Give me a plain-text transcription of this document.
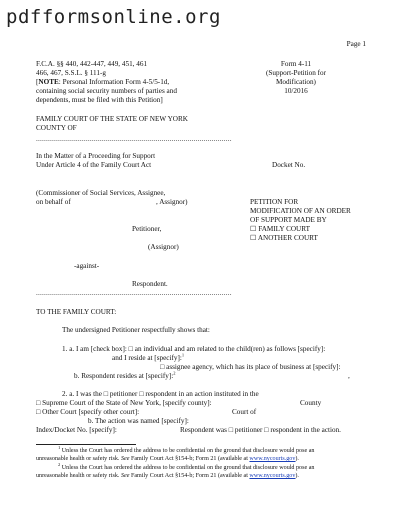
pdfformsonline.org
Page 1
F.C.A. §§ 440, 442-447, 449, 451, 461
466, 467, S.S.L. § 111-g
[NOTE: Personal Information Form 4-5/5-1d,
containing social security numbers of parties and
dependents, must be filed with this Petition]
Form 4-11
(Support-Petition for
Modification)
10/2016
FAMILY COURT OF THE STATE OF NEW YORK
COUNTY OF
..................................................................................................
In the Matter of a Proceeding for Support
Under Article 4 of the Family Court Act	Docket No.
(Commissioner of Social Services, Assignee,
on behalf of	, Assignor)
Petitioner,
(Assignor)
-against-
Respondent.
..................................................................................................
PETITION FOR
MODIFICATION OF AN ORDER
OF SUPPORT MADE BY
☐ FAMILY COURT
☐ ANOTHER COURT
TO THE FAMILY COURT:
The undersigned Petitioner respectfully shows that:
1. a. I am [check box]: □ an individual and am related to the child(ren) as follows [specify]:
and I reside at [specify]:$^1$
□ assignee agency, which has its place of business at [specify]:
b. Respondent resides at [specify]:$^2$	,
2. a. I was the □ petitioner □ respondent in an action instituted in the
□ Supreme Court of the State of New York, [specify county]:	County
□ Other Court [specify other court]:	Court of
b. The action was named [specify]:
Index/Docket No. [specify]:	Respondent was □ petitioner □ respondent in the action.
$^1$ Unless the Court has ordered the address to be confidential on the ground that disclosure would pose an
unreasonable health or safety risk. See Family Court Act §154-b; Form 21 (available at www.nycourts.gov).
$^2$ Unless the Court has ordered the address to be confidential on the ground that disclosure would pose an
unreasonable health or safety risk. See Family Court Act §154-b; Form 21 (available at www.nycourts.gov).
